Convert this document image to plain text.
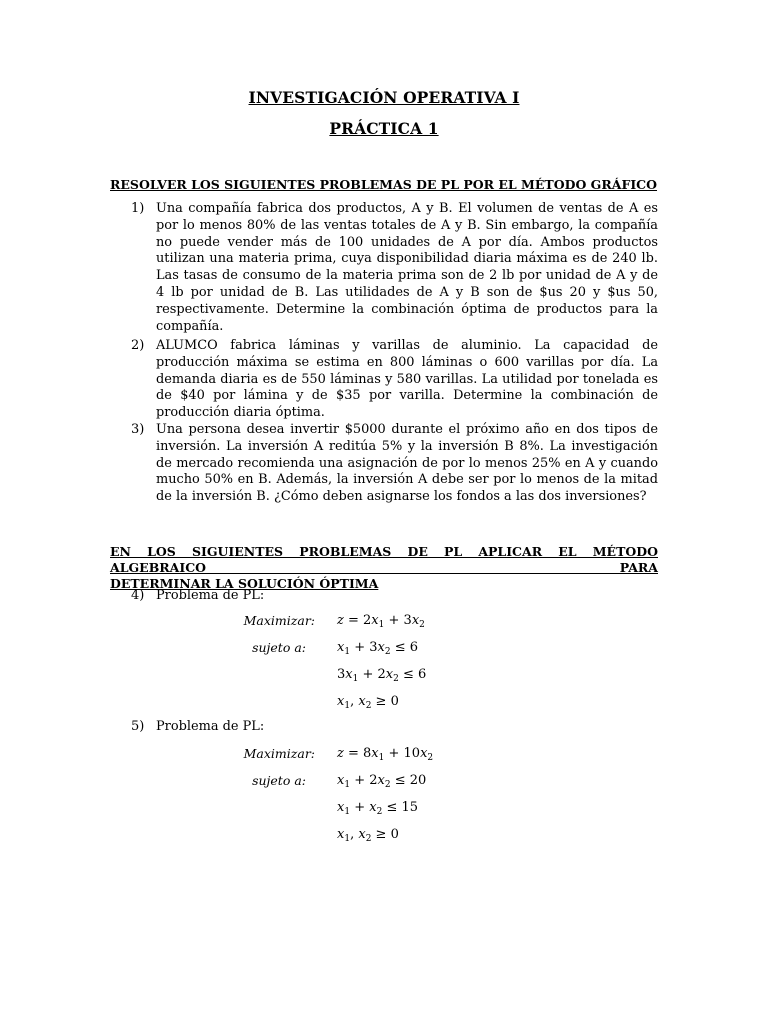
INVESTIGACIÓN OPERATIVA I
PRÁCTICA 1
RESOLVER LOS SIGUIENTES PROBLEMAS DE PL POR EL MÉTODO GRÁFICO
1) Una compañía fabrica dos productos, A y B. El volumen de ventas de A es por lo menos 80% de las ventas totales de A y B. Sin embargo, la compañía no puede vender más de 100 unidades de A por día. Ambos productos utilizan una materia prima, cuya disponibilidad diaria máxima es de 240 lb. Las tasas de consumo de la materia prima son de 2 lb por unidad de A y de 4 lb por unidad de B. Las utilidades de A y B son de $us 20 y $us 50, respectivamente. Determine la combinación óptima de productos para la compañía.
2) ALUMCO fabrica láminas y varillas de aluminio. La capacidad de producción máxima se estima en 800 láminas o 600 varillas por día. La demanda diaria es de 550 láminas y 580 varillas. La utilidad por tonelada es de $40 por lámina y de $35 por varilla. Determine la combinación de producción diaria óptima.
3) Una persona desea invertir $5000 durante el próximo año en dos tipos de inversión. La inversión A reditúa 5% y la inversión B 8%. La investigación de mercado recomienda una asignación de por lo menos 25% en A y cuando mucho 50% en B. Además, la inversión A debe ser por lo menos de la mitad de la inversión B. ¿Cómo deben asignarse los fondos a las dos inversiones?
EN LOS SIGUIENTES PROBLEMAS DE PL APLICAR EL MÉTODO ALGEBRAICO PARA
DETERMINAR LA SOLUCIÓN ÓPTIMA
4) Problema de PL:
Maximizar: $z = 2x_1 + 3x_2$
sujeto a: $x_1 + 3x_2 \le 6$
$3x_1 + 2x_2 \le 6$
$x_1$, $x_2 \ge 0$
5) Problema de PL:
Maximizar: $z = 8x_1 + 10x_2$
sujeto a: $x_1 + 2x_2 \le 20$
$x_1 + x_2 \le 15$
$x_1$, $x_2 \ge 0$
